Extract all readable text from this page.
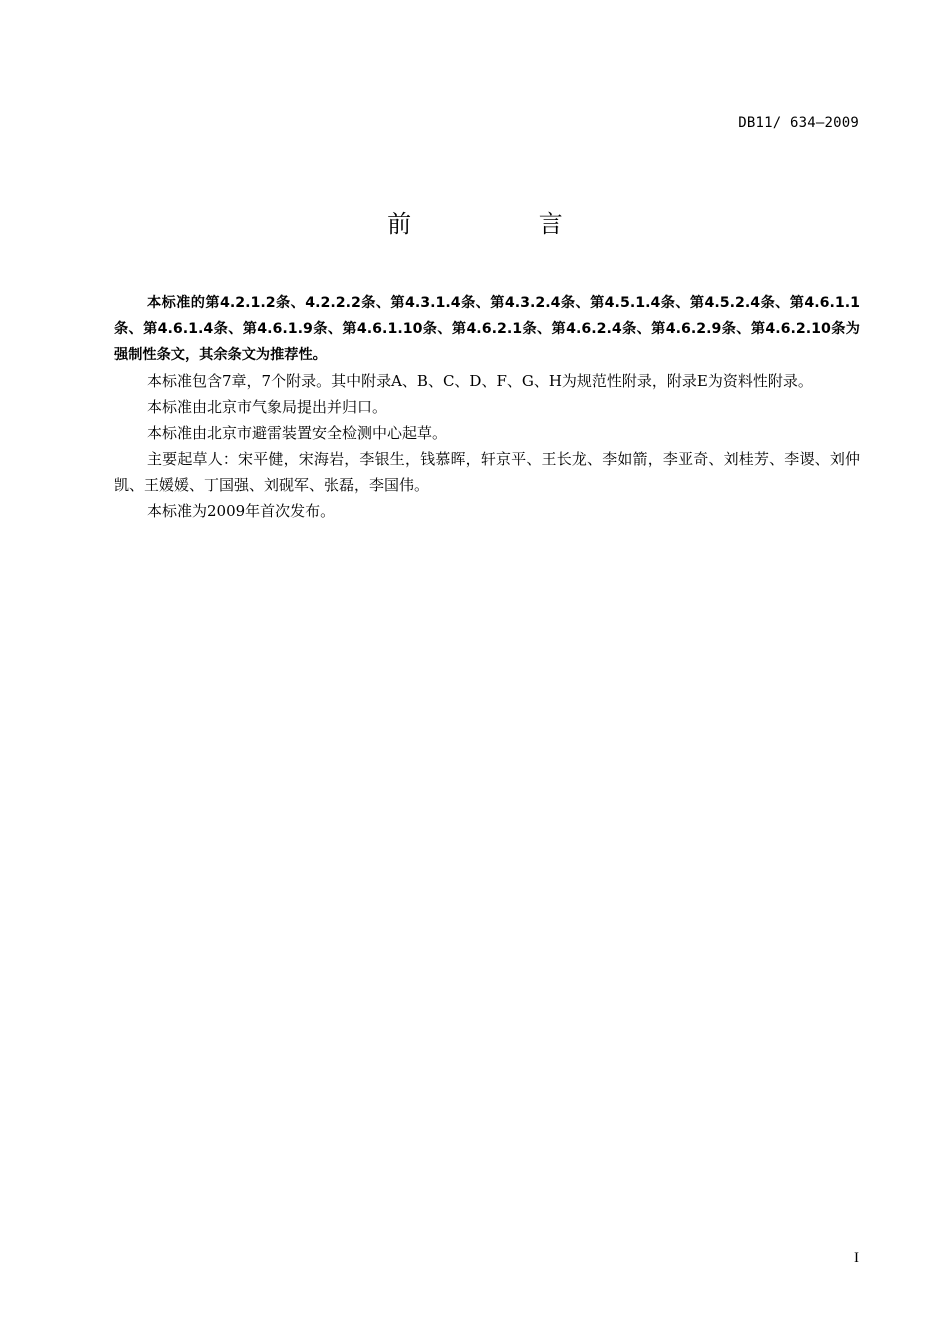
DB11/ 634—2009
前 言

本标准的第4.2.1.2条、4.2.2.2条、第4.3.1.4条、第4.3.2.4条、第4.5.1.4条、第4.5.2.4条、第4.6.1.1条、第4.6.1.4条、第4.6.1.9条、第4.6.1.10条、第4.6.2.1条、第4.6.2.4条、第4.6.2.9条、第4.6.2.10条为强制性条文，其余条文为推荐性。

本标准包含7章，7个附录。其中附录A、B、C、D、F、G、H为规范性附录，附录E为资料性附录。

本标准由北京市气象局提出并归口。

本标准由北京市避雷装置安全检测中心起草。

主要起草人：宋平健，宋海岩，李银生，钱慕晖，轩京平、王长龙、李如箭，李亚奇、刘桂芳、李谡、刘仲凯、王媛媛、丁国强、刘砚军、张磊，李国伟。

本标准为2009年首次发布。

I
